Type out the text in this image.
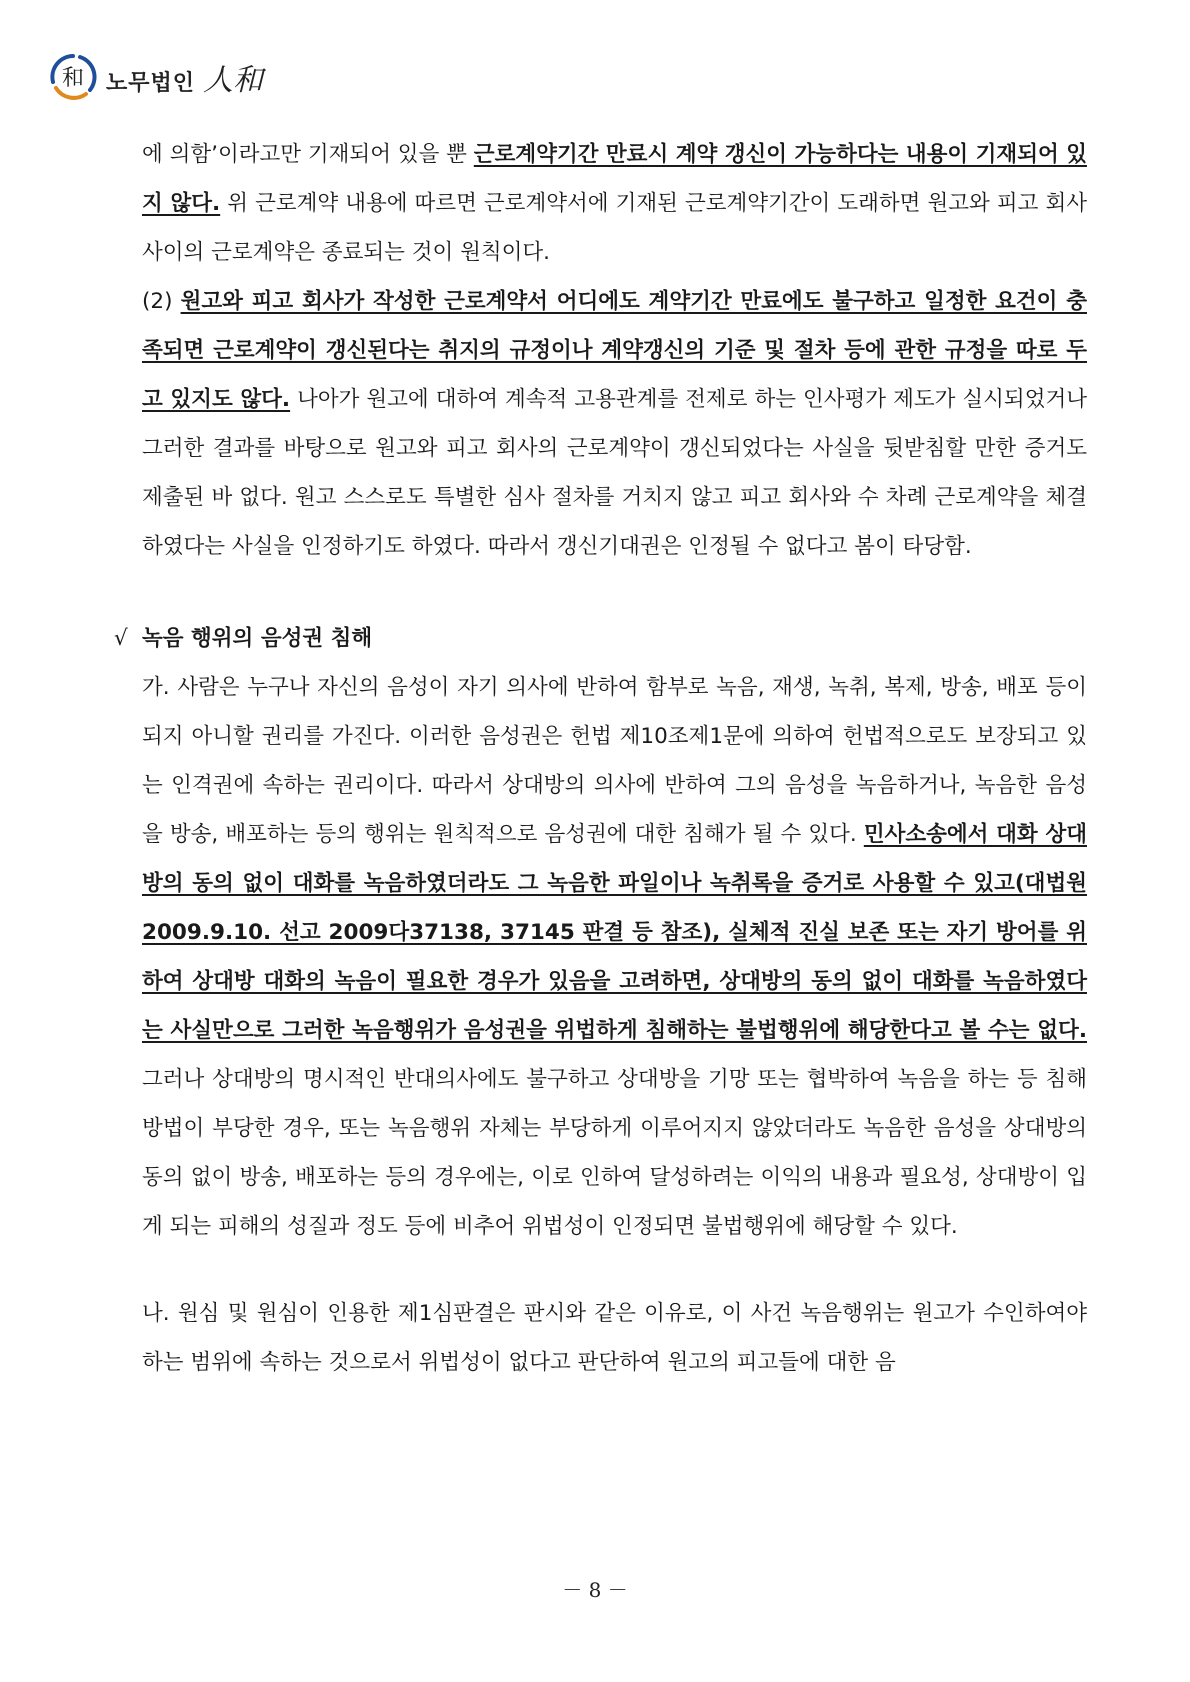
和 노무법인 人和

에 의함’이라고만 기재되어 있을 뿐 근로계약기간 만료시 계약 갱신이 가능하다는 내용이 기재되어 있지 않다. 위 근로계약 내용에 따르면 근로계약서에 기재된 근로계약기간이 도래하면 원고와 피고 회사 사이의 근로계약은 종료되는 것이 원칙이다.

(2) 원고와 피고 회사가 작성한 근로계약서 어디에도 계약기간 만료에도 불구하고 일정한 요건이 충족되면 근로계약이 갱신된다는 취지의 규정이나 계약갱신의 기준 및 절차 등에 관한 규정을 따로 두고 있지도 않다. 나아가 원고에 대하여 계속적 고용관계를 전제로 하는 인사평가 제도가 실시되었거나 그러한 결과를 바탕으로 원고와 피고 회사의 근로계약이 갱신되었다는 사실을 뒷받침할 만한 증거도 제출된 바 없다. 원고 스스로도 특별한 심사 절차를 거치지 않고 피고 회사와 수 차례 근로계약을 체결하였다는 사실을 인정하기도 하였다. 따라서 갱신기대권은 인정될 수 없다고 봄이 타당함.

√ 녹음 행위의 음성권 침해

가. 사람은 누구나 자신의 음성이 자기 의사에 반하여 함부로 녹음, 재생, 녹취, 복제, 방송, 배포 등이 되지 아니할 권리를 가진다. 이러한 음성권은 헌법 제10조제1문에 의하여 헌법적으로도 보장되고 있는 인격권에 속하는 권리이다. 따라서 상대방의 의사에 반하여 그의 음성을 녹음하거나, 녹음한 음성을 방송, 배포하는 등의 행위는 원칙적으로 음성권에 대한 침해가 될 수 있다. 민사소송에서 대화 상대방의 동의 없이 대화를 녹음하였더라도 그 녹음한 파일이나 녹취록을 증거로 사용할 수 있고(대법원 2009.9.10. 선고 2009다37138, 37145 판결 등 참조), 실체적 진실 보존 또는 자기 방어를 위하여 상대방 대화의 녹음이 필요한 경우가 있음을 고려하면, 상대방의 동의 없이 대화를 녹음하였다는 사실만으로 그러한 녹음행위가 음성권을 위법하게 침해하는 불법행위에 해당한다고 볼 수는 없다. 그러나 상대방의 명시적인 반대의사에도 불구하고 상대방을 기망 또는 협박하여 녹음을 하는 등 침해방법이 부당한 경우, 또는 녹음행위 자체는 부당하게 이루어지지 않았더라도 녹음한 음성을 상대방의 동의 없이 방송, 배포하는 등의 경우에는, 이로 인하여 달성하려는 이익의 내용과 필요성, 상대방이 입게 되는 피해의 성질과 정도 등에 비추어 위법성이 인정되면 불법행위에 해당할 수 있다.

나. 원심 및 원심이 인용한 제1심판결은 판시와 같은 이유로, 이 사건 녹음행위는 원고가 수인하여야 하는 범위에 속하는 것으로서 위법성이 없다고 판단하여 원고의 피고들에 대한 음

－ 8 －
